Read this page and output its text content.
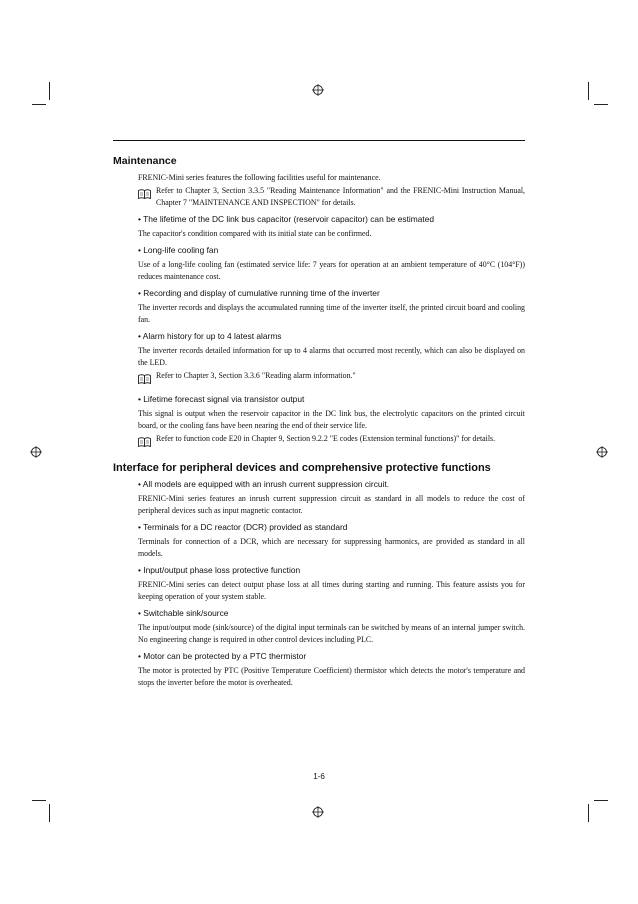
Maintenance

FRENIC-Mini series features the following facilities useful for maintenance.

Refer to Chapter 3, Section 3.3.5 "Reading Maintenance Information" and the FRENIC-Mini Instruction Manual, Chapter 7 "MAINTENANCE AND INSPECTION" for details.

• The lifetime of the DC link bus capacitor (reservoir capacitor) can be estimated

The capacitor's condition compared with its initial state can be confirmed.

• Long-life cooling fan

Use of a long-life cooling fan (estimated service life: 7 years for operation at an ambient temperature of 40°C (104°F)) reduces maintenance cost.

• Recording and display of cumulative running time of the inverter

The inverter records and displays the accumulated running time of the inverter itself, the printed circuit board and cooling fan.

• Alarm history for up to 4 latest alarms

The inverter records detailed information for up to 4 alarms that occurred most recently, which can also be displayed on the LED.

Refer to Chapter 3, Section 3.3.6 "Reading alarm information."

• Lifetime forecast signal via transistor output

This signal is output when the reservoir capacitor in the DC link bus, the electrolytic capacitors on the printed circuit board, or the cooling fans have been nearing the end of their service life.

Refer to function code E20 in Chapter 9, Section 9.2.2 "E codes (Extension terminal functions)" for details.

Interface for peripheral devices and comprehensive protective functions
• All models are equipped with an inrush current suppression circuit.

FRENIC-Mini series features an inrush current suppression circuit as standard in all models to reduce the cost of peripheral devices such as input magnetic contactor.

• Terminals for a DC reactor (DCR) provided as standard

Terminals for connection of a DCR, which are necessary for suppressing harmonics, are provided as standard in all models.

• Input/output phase loss protective function

FRENIC-Mini series can detect output phase loss at all times during starting and running. This feature assists you for keeping operation of your system stable.

• Switchable sink/source

The input/output mode (sink/source) of the digital input terminals can be switched by means of an internal jumper switch. No engineering change is required in other control devices including PLC.

• Motor can be protected by a PTC thermistor

The motor is protected by PTC (Positive Temperature Coefficient) thermistor which detects the motor's temperature and stops the inverter before the motor is overheated.

1-6
